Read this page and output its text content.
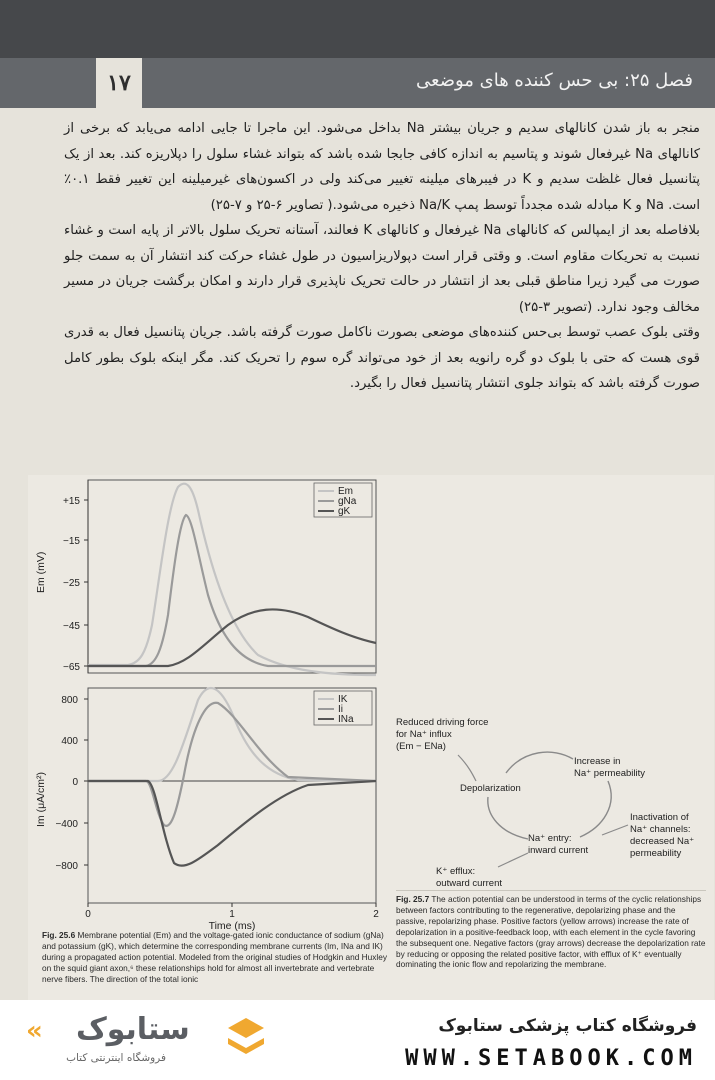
۱۷	فصل ۲۵: بی حس کننده های موضعی

منجر به باز شدن کانالهای سدیم و جریان بیشتر Na بداخل می‌شود. این ماجرا تا جایی ادامه می‌یابد که برخی از کانالهای Na غیرفعال شوند و پتاسیم به اندازه کافی جابجا شده باشد که بتواند غشاء سلول را دپلاریزه کند. بعد از یک پتانسیل فعال غلظت سدیم و K در فیبرهای میلینه تغییر می‌کند ولی در اکسون‌های غیرمیلینه این تغییر فقط ۰.۱٪ است. Na و K مبادله شده مجدداً توسط پمپ Na/K ذخیره می‌شود.( تصاویر ۶-۲۵ و ۷-۲۵)

بلافاصله بعد از ایمپالس که کانالهای Na غیرفعال و کانالهای K فعالند، آستانه تحریک سلول بالاتر از پایه است و غشاء نسبت به تحریکات مقاوم است. و وقتی قرار است دپولاریزاسیون در طول غشاء حرکت کند انتشار آن به سمت جلو صورت می گیرد زیرا مناطق قبلی بعد از انتشار در حالت تحریک ناپذیری قرار دارند و امکان برگشت جریان در مسیر مخالف وجود ندارد. (تصویر ۳-۲۵)

وقتی بلوک عصب توسط بی‌حس کننده‌های موضعی بصورت ناکامل صورت گرفته باشد. جریان پتانسیل فعال به قدری قوی هست که حتی با بلوک دو گره رانویه بعد از خود می‌تواند گره سوم را تحریک کند. مگر اینکه بلوک بطور کامل صورت گرفته باشد که بتواند جلوی انتشار پتانسیل فعال را بگیرد.

+15
−15
−25
−45
−65
Em (mV)
Em
gNa
gK
800
400
0
−400
−800
Im (μA/cm²)
IK
Ii
INa
0	1	2
Time (ms)
Reduced driving force for Na⁺ influx (Em − ENa)
Increase in Na⁺ permeability
Depolarization
Inactivation of Na⁺ channels: decreased Na⁺ permeability
Na⁺ entry: inward current
K⁺ efflux: outward current
Fig. 25.6 Membrane potential (Em) and the voltage-gated ionic conductance of sodium (gNa) and potassium (gK), which determine the corresponding membrane currents (Im, INa and IK) during a propagated action potential. Modeled from the original studies of Hodgkin and Huxley on the squid giant axon,⁶ these relationships hold for almost all invertebrate and vertebrate nerve fibers. The direction of the total ionic
Fig. 25.7 The action potential can be understood in terms of the cyclic relationships between factors contributing to the regenerative, depolarizing phase and the passive, repolarizing phase. Positive factors (yellow arrows) increase the rate of depolarization in a positive-feedback loop, with each element in the cycle favoring the subsequent one. Negative factors (gray arrows) decrease the depolarization rate by reducing or opposing the related positive factor, with efflux of K⁺ eventually dominating the ionic flow and repolarizing the membrane.
« ستابوک
فروشگاه اینترنتی کتاب
فروشگاه کتاب پزشکی ستابوک
WWW.SETABOOK.COM
